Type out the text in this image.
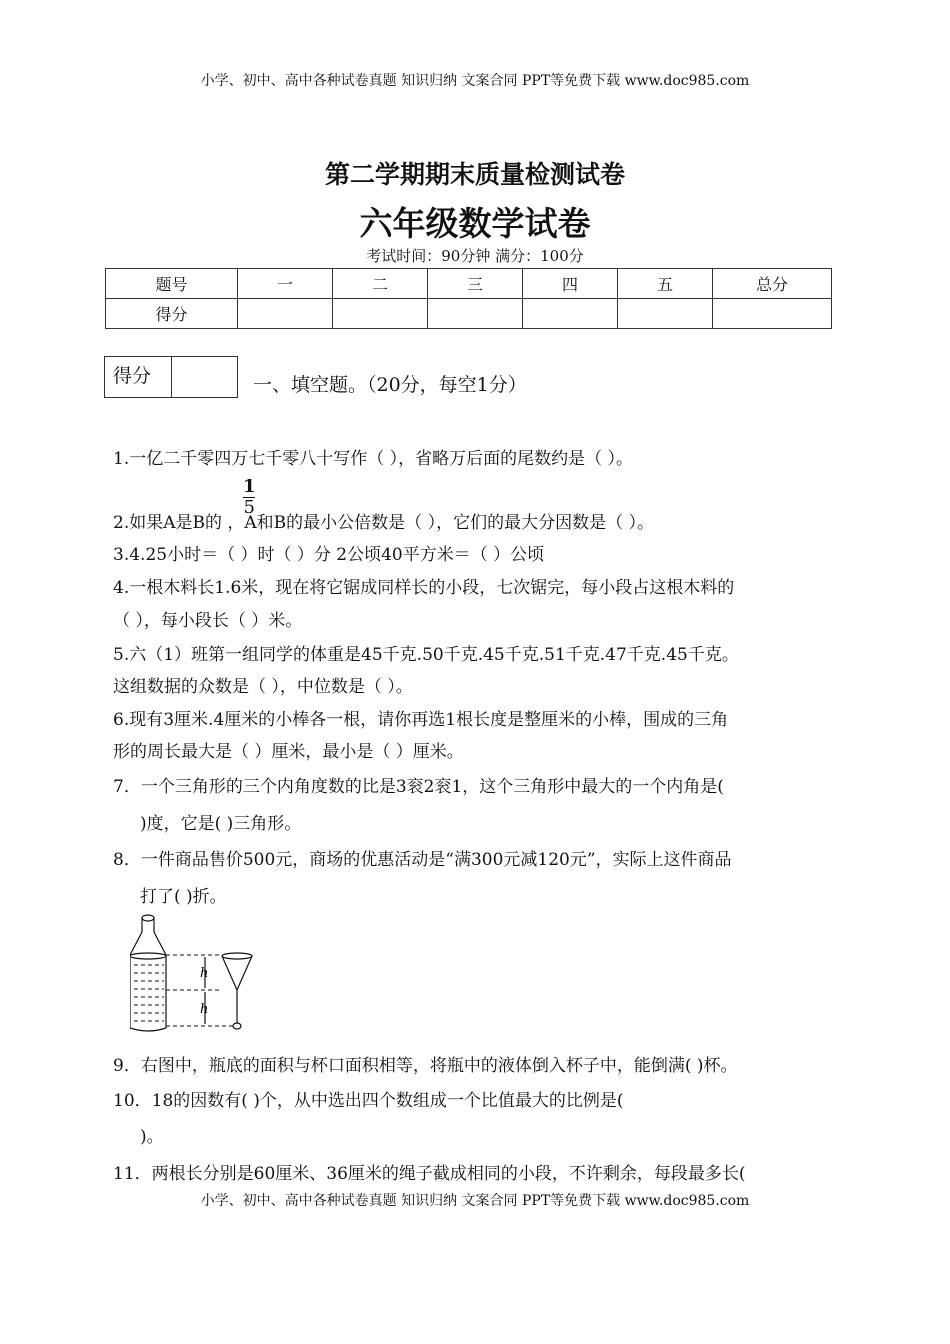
小学、初中、高中各种试卷真题 知识归纳 文案合同 PPT等免费下载 www.doc985.com
第二学期期末质量检测试卷
六年级数学试卷
考试时间：90分钟 满分：100分
题号	一	二	三	四	五	总分
得分						
得分	一、填空题。（20分，每空1分）
1.一亿二千零四万七千零八十写作（ ），省略万后面的尾数约是（ ）。
1
5
2.如果A是B的 ，A和B的最小公倍数是（ ），它们的最大分因数是（ ）。
3.4.25小时＝（ ）时（ ）分 2公顷40平方米＝（ ）公顷
4.一根木料长1.6米，现在将它锯成同样长的小段，七次锯完，每小段占这根木料的
（ ），每小段长（ ）米。
5.六（1）班第一组同学的体重是45千克.50千克.45千克.51千克.47千克.45千克。
这组数据的众数是（ ），中位数是（ ）。
6.现有3厘米.4厘米的小棒各一根，请你再选1根长度是整厘米的小棒，围成的三角
形的周长最大是（ ）厘米，最小是（ ）厘米。
7．一个三角形的三个内角度数的比是3衮2衮1，这个三角形中最大的一个内角是(
)度，它是( )三角形。
8．一件商品售价500元，商场的优惠活动是“满300元减120元”，实际上这件商品
打了( )折。
h
h
9．右图中，瓶底的面积与杯口面积相等，将瓶中的液体倒入杯子中，能倒满( )杯。
10．18的因数有( )个，从中选出四个数组成一个比值最大的比例是(
)。
11．两根长分别是60厘米、36厘米的绳子截成相同的小段，不许剩余，每段最多长(
小学、初中、高中各种试卷真题 知识归纳 文案合同 PPT等免费下载 www.doc985.com
